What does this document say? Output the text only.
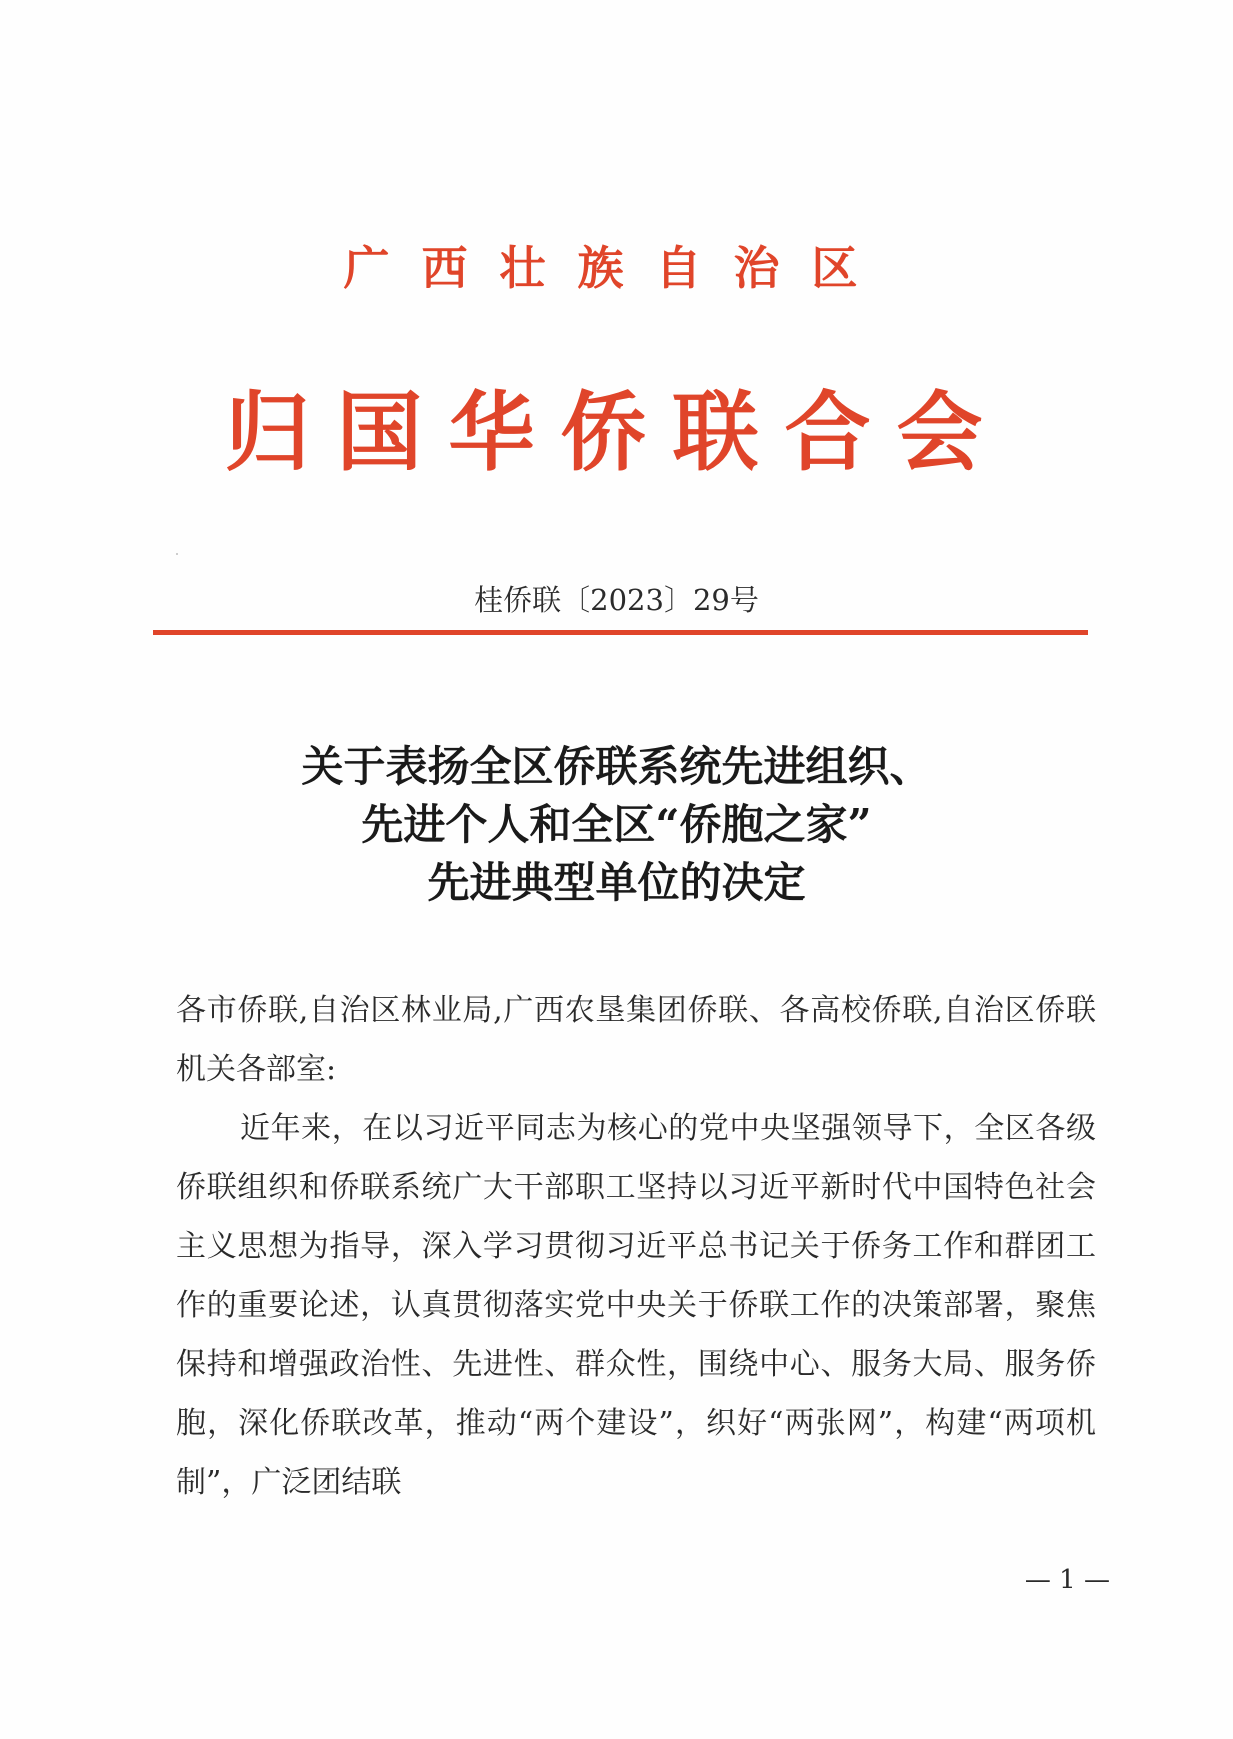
广西壮族自治区
归国华侨联合会
桂侨联〔2023〕29号
关于表扬全区侨联系统先进组织、
先进个人和全区“侨胞之家”
先进典型单位的决定

各市侨联,自治区林业局,广西农垦集团侨联、各高校侨联,自治区侨联机关各部室:

近年来，在以习近平同志为核心的党中央坚强领导下，全区各级侨联组织和侨联系统广大干部职工坚持以习近平新时代中国特色社会主义思想为指导，深入学习贯彻习近平总书记关于侨务工作和群团工作的重要论述，认真贯彻落实党中央关于侨联工作的决策部署，聚焦保持和增强政治性、先进性、群众性，围绕中心、服务大局、服务侨胞，深化侨联改革，推动“两个建设”，织好“两张网”，构建“两项机制”，广泛团结联

— 1 —
